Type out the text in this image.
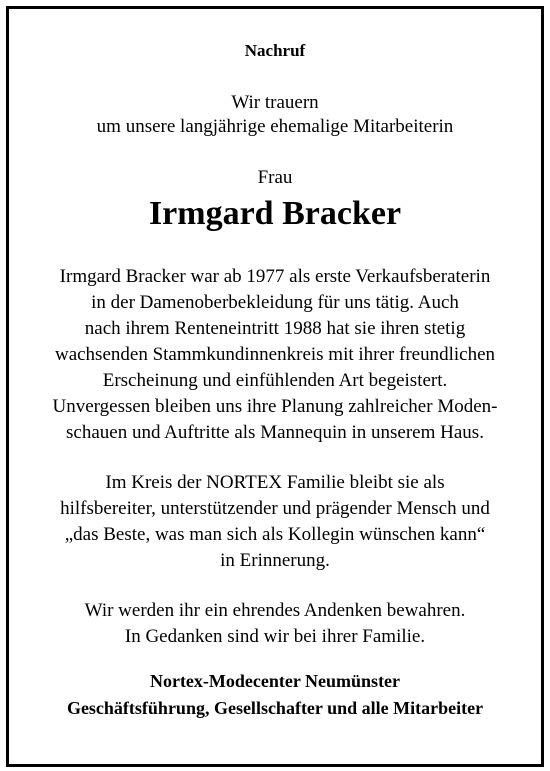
Nachruf
Wir trauern
um unsere langjährige ehemalige Mitarbeiterin
Frau
Irmgard Bracker
Irmgard Bracker war ab 1977 als erste Verkaufsberaterin
in der Damenoberbekleidung für uns tätig. Auch
nach ihrem Renteneintritt 1988 hat sie ihren stetig
wachsenden Stammkundinnenkreis mit ihrer freundlichen
Erscheinung und einfühlenden Art begeistert.
Unvergessen bleiben uns ihre Planung zahlreicher Moden-
schauen und Auftritte als Mannequin in unserem Haus.
Im Kreis der NORTEX Familie bleibt sie als
hilfsbereiter, unterstützender und prägender Mensch und
„das Beste, was man sich als Kollegin wünschen kann“
in Erinnerung.
Wir werden ihr ein ehrendes Andenken bewahren.
In Gedanken sind wir bei ihrer Familie.
Nortex-Modecenter Neumünster
Geschäftsführung, Gesellschafter und alle Mitarbeiter
